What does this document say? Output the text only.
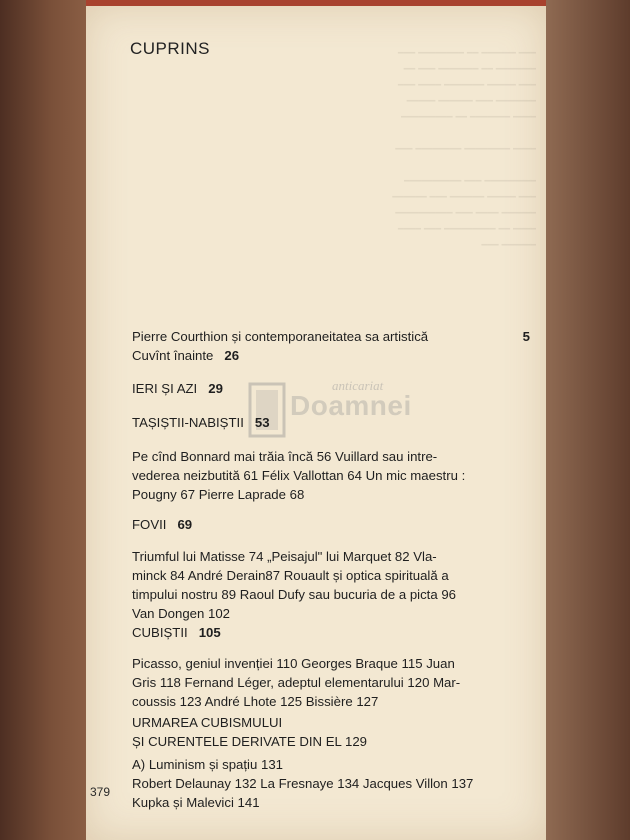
━━━ ━━━━━━ ━━ ━━━━━━━━ ━━━
━━━━━━━ ━━ ━━━━━━━ ━━━ ━━
━━━ ━━━━━ ━━━━━━━ ━━━━ ━━━
━━━━━━━ ━━━ ━━━━━━ ━━━━━
━━━━ ━━━━━━━ ━━ ━━━━━━━━━

━━━━ ━━━━━━━━ ━━━━━━━━ ━━━

━━━━━━━━━ ━━━ ━━━━━━━━━━
━━━ ━━━━━ ━━━━━━ ━━━ ━━━━━━
━━━━━━ ━━━━ ━━━ ━━━━━━━━━━
━━━━ ━━ ━━━━━━━━━ ━━━ ━━━━
━━━━━━ ━━━
CUPRINS
anticariat
Doamnei
Pierre Courthion și contemporaneitatea sa artistică	5
Cuvînt înainte 26
IERI ȘI AZI 29
TAȘIȘTII-NABIȘTII 53
Pe cînd Bonnard mai trăia încă 56 Vuillard sau intre-
vederea neizbutită 61 Félix Vallottan 64 Un mic maestru :
Pougny 67 Pierre Laprade 68
FOVII 69
Triumful lui Matisse 74 „Peisajul" lui Marquet 82 Vla-
minck 84 André Derain87 Rouault și optica spirituală a
timpului nostru 89 Raoul Dufy sau bucuria de a picta 96
Van Dongen 102
CUBIȘTII 105
Picasso, geniul invenției 110 Georges Braque 115 Juan
Gris 118 Fernand Léger, adeptul elementarului 120 Mar-
coussis 123 André Lhote 125 Bissière 127
URMAREA CUBISMULUI
ȘI CURENTELE DERIVATE DIN EL 129
A) Luminism și spațiu 131
Robert Delaunay 132 La Fresnaye 134 Jacques Villon 137
Kupka și Malevici 141
379
